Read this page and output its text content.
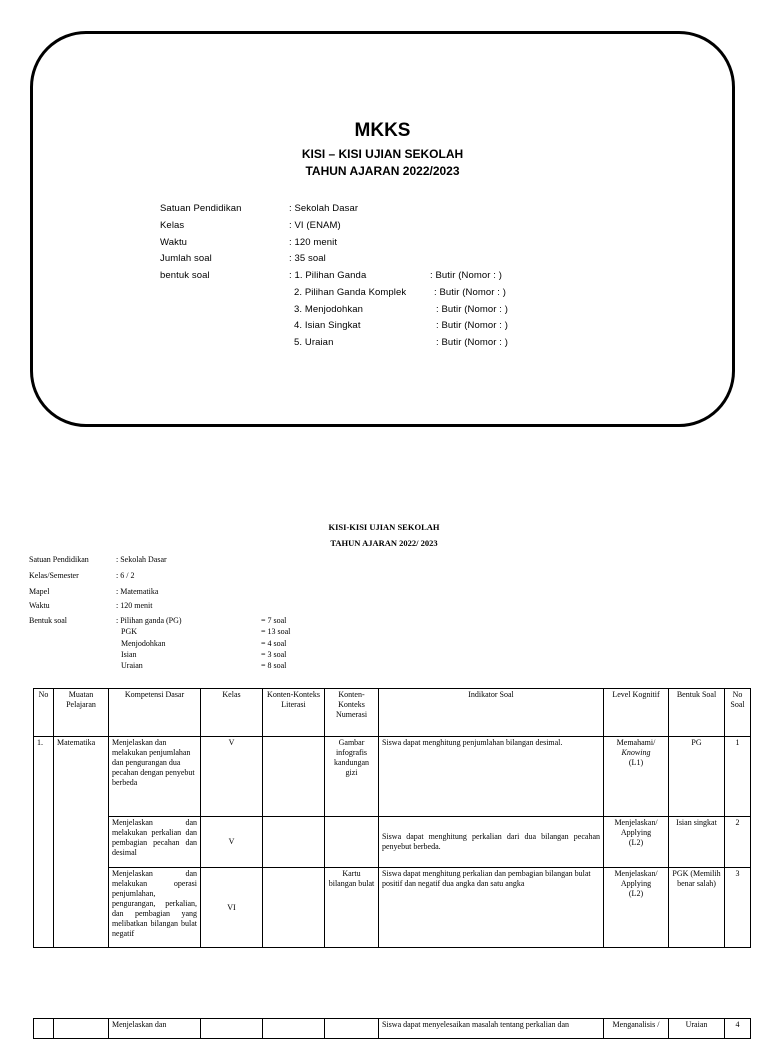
MKKS
KISI – KISI UJIAN SEKOLAH
TAHUN AJARAN 2022/2023
Satuan Pendidikan	: Sekolah Dasar
Kelas	: VI (ENAM)
Waktu	: 120 menit
Jumlah soal	: 35 soal
bentuk soal	: 1. Pilihan Ganda	: Butir (Nomor : )
2. Pilihan Ganda Komplek	: Butir (Nomor : )
3. Menjodohkan	: Butir (Nomor : )
4. Isian Singkat	: Butir (Nomor : )
5. Uraian	: Butir (Nomor : )
KISI-KISI UJIAN SEKOLAH
TAHUN AJARAN 2022/ 2023
Satuan Pendidikan	: Sekolah Dasar
Kelas/Semester	: 6 / 2
Mapel	: Matematika
Waktu	: 120 menit
Bentuk soal	: Pilihan ganda (PG)	= 7 soal
PGK	= 13 soal
Menjodohkan	= 4 soal
Isian	= 3 soal
Uraian	= 8 soal
No	Muatan Pelajaran	Kompetensi Dasar	Kelas	Konten-Konteks Literasi	Konten-Konteks Numerasi	Indikator Soal	Level Kognitif	Bentuk Soal	No Soal
1.	Matematika	Menjelaskan dan melakukan penjumlahan dan pengurangan dua pecahan dengan penyebut berbeda	V		Gambar infografis kandungan gizi	Siswa dapat menghitung penjumlahan bilangan desimal.	Memahami/
Knowing
(L1)	PG	1
		Menjelaskan dan melakukan perkalian dan pembagian pecahan dan desimal	V			Siswa dapat menghitung perkalian dari dua bilangan pecahan penyebut berbeda.	Menjelaskan/ Applying
(L2)	Isian singkat	2
		Menjelaskan dan melakukan operasi penjumlahan, pengurangan, perkalian, dan pembagian yang melibatkan bilangan bulat negatif	VI		Kartu bilangan bulat	Siswa dapat menghitung perkalian dan pembagian bilangan bulat positif dan negatif dua angka dan satu angka	Menjelaskan/ Applying
(L2)	PGK (Memilih benar salah)	3
		Menjelaskan dan				Siswa dapat menyelesaikan masalah tentang perkalian dan	Menganalisis /	Uraian	4
